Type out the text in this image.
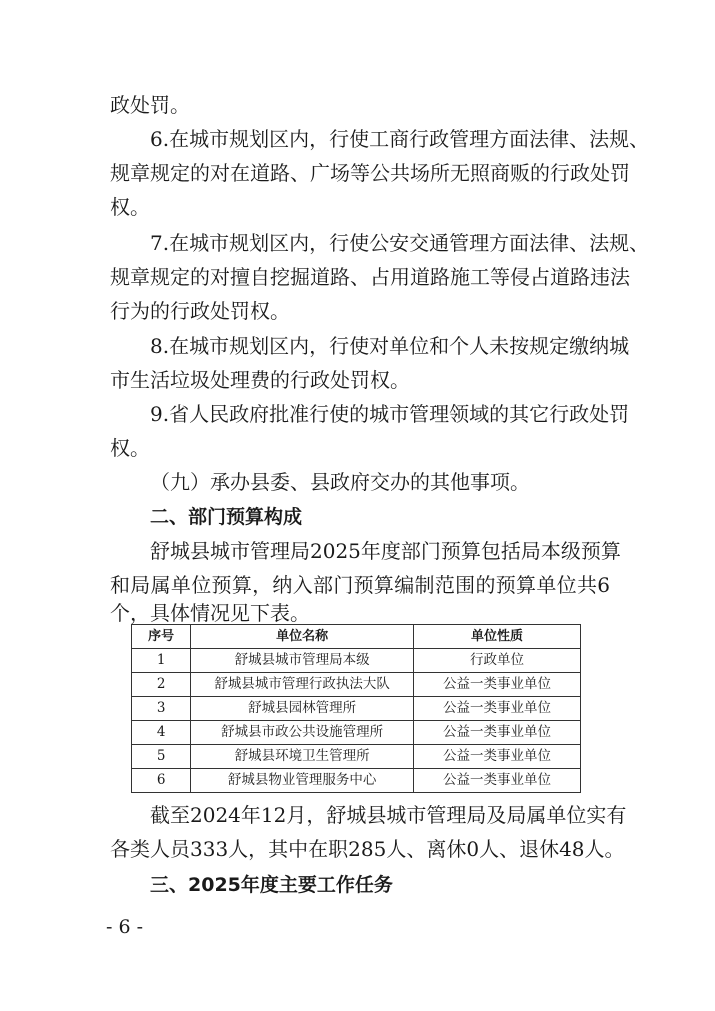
政处罚。
6.在城市规划区内，行使工商行政管理方面法律、法规、
规章规定的对在道路、广场等公共场所无照商贩的行政处罚
权。
7.在城市规划区内，行使公安交通管理方面法律、法规、
规章规定的对擅自挖掘道路、占用道路施工等侵占道路违法
行为的行政处罚权。
8.在城市规划区内，行使对单位和个人未按规定缴纳城
市生活垃圾处理费的行政处罚权。
9.省人民政府批准行使的城市管理领域的其它行政处罚
权。
（九）承办县委、县政府交办的其他事项。
二、部门预算构成
舒城县城市管理局2025年度部门预算包括局本级预算
和局属单位预算，纳入部门预算编制范围的预算单位共6
个，具体情况见下表。
序号	单位名称	单位性质
1	舒城县城市管理局本级	行政单位
2	舒城县城市管理行政执法大队	公益一类事业单位
3	舒城县园林管理所	公益一类事业单位
4	舒城县市政公共设施管理所	公益一类事业单位
5	舒城县环境卫生管理所	公益一类事业单位
6	舒城县物业管理服务中心	公益一类事业单位
截至2024年12月，舒城县城市管理局及局属单位实有
各类人员333人，其中在职285人、离休0人、退休48人。
三、2025年度主要工作任务
- 6 -
